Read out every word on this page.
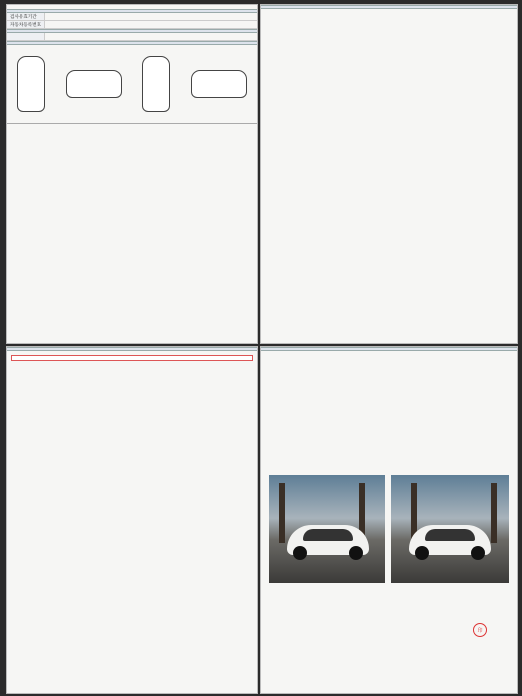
검사유효기간
자동차등록번호
印
